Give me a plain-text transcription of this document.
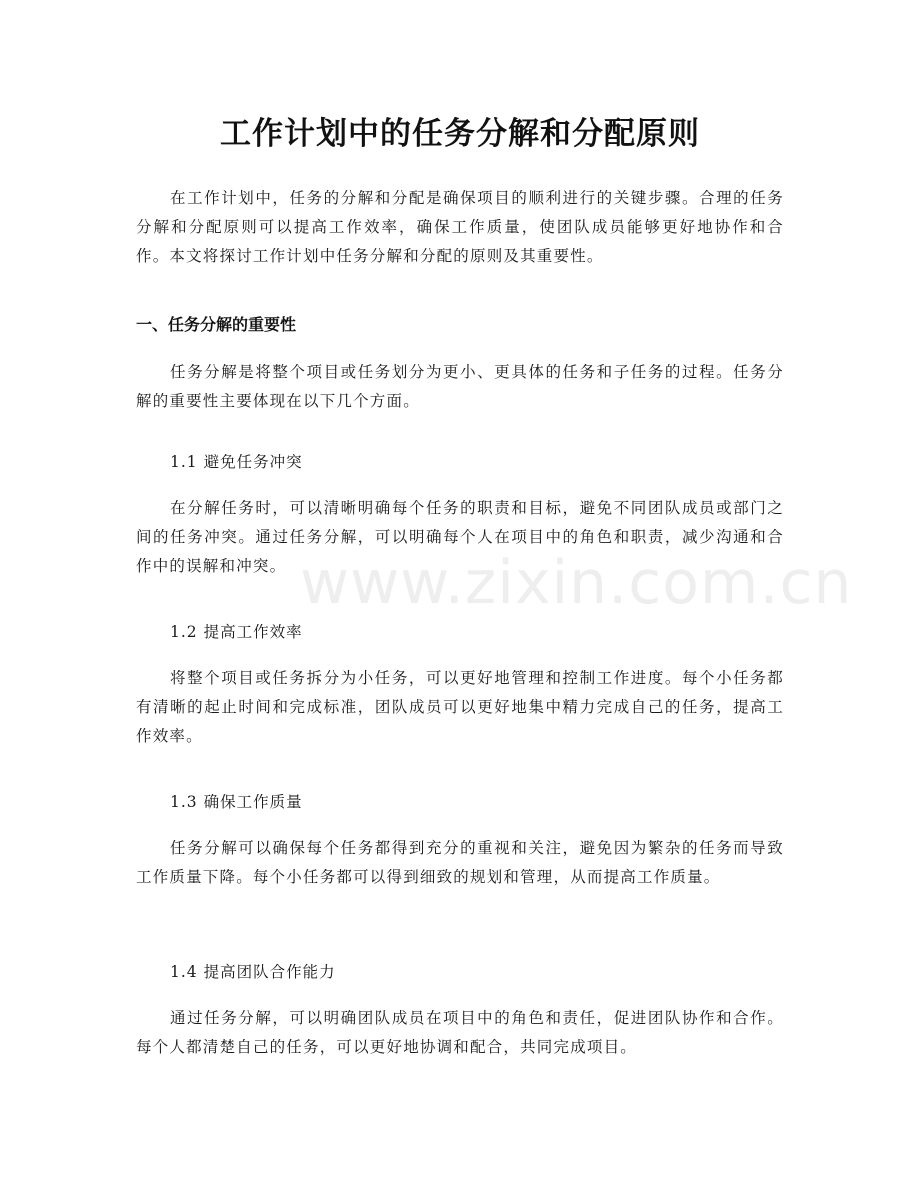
工作计划中的任务分解和分配原则

在工作计划中，任务的分解和分配是确保项目的顺利进行的关键步骤。合理的任务分解和分配原则可以提高工作效率，确保工作质量，使团队成员能够更好地协作和合作。本文将探讨工作计划中任务分解和分配的原则及其重要性。

一、任务分解的重要性

任务分解是将整个项目或任务划分为更小、更具体的任务和子任务的过程。任务分解的重要性主要体现在以下几个方面。

1.1 避免任务冲突

在分解任务时，可以清晰明确每个任务的职责和目标，避免不同团队成员或部门之间的任务冲突。通过任务分解，可以明确每个人在项目中的角色和职责，减少沟通和合作中的误解和冲突。

1.2 提高工作效率

将整个项目或任务拆分为小任务，可以更好地管理和控制工作进度。每个小任务都有清晰的起止时间和完成标准，团队成员可以更好地集中精力完成自己的任务，提高工作效率。

1.3 确保工作质量

任务分解可以确保每个任务都得到充分的重视和关注，避免因为繁杂的任务而导致工作质量下降。每个小任务都可以得到细致的规划和管理，从而提高工作质量。

1.4 提高团队合作能力

通过任务分解，可以明确团队成员在项目中的角色和责任，促进团队协作和合作。每个人都清楚自己的任务，可以更好地协调和配合，共同完成项目。

www.zixin.com.cn
